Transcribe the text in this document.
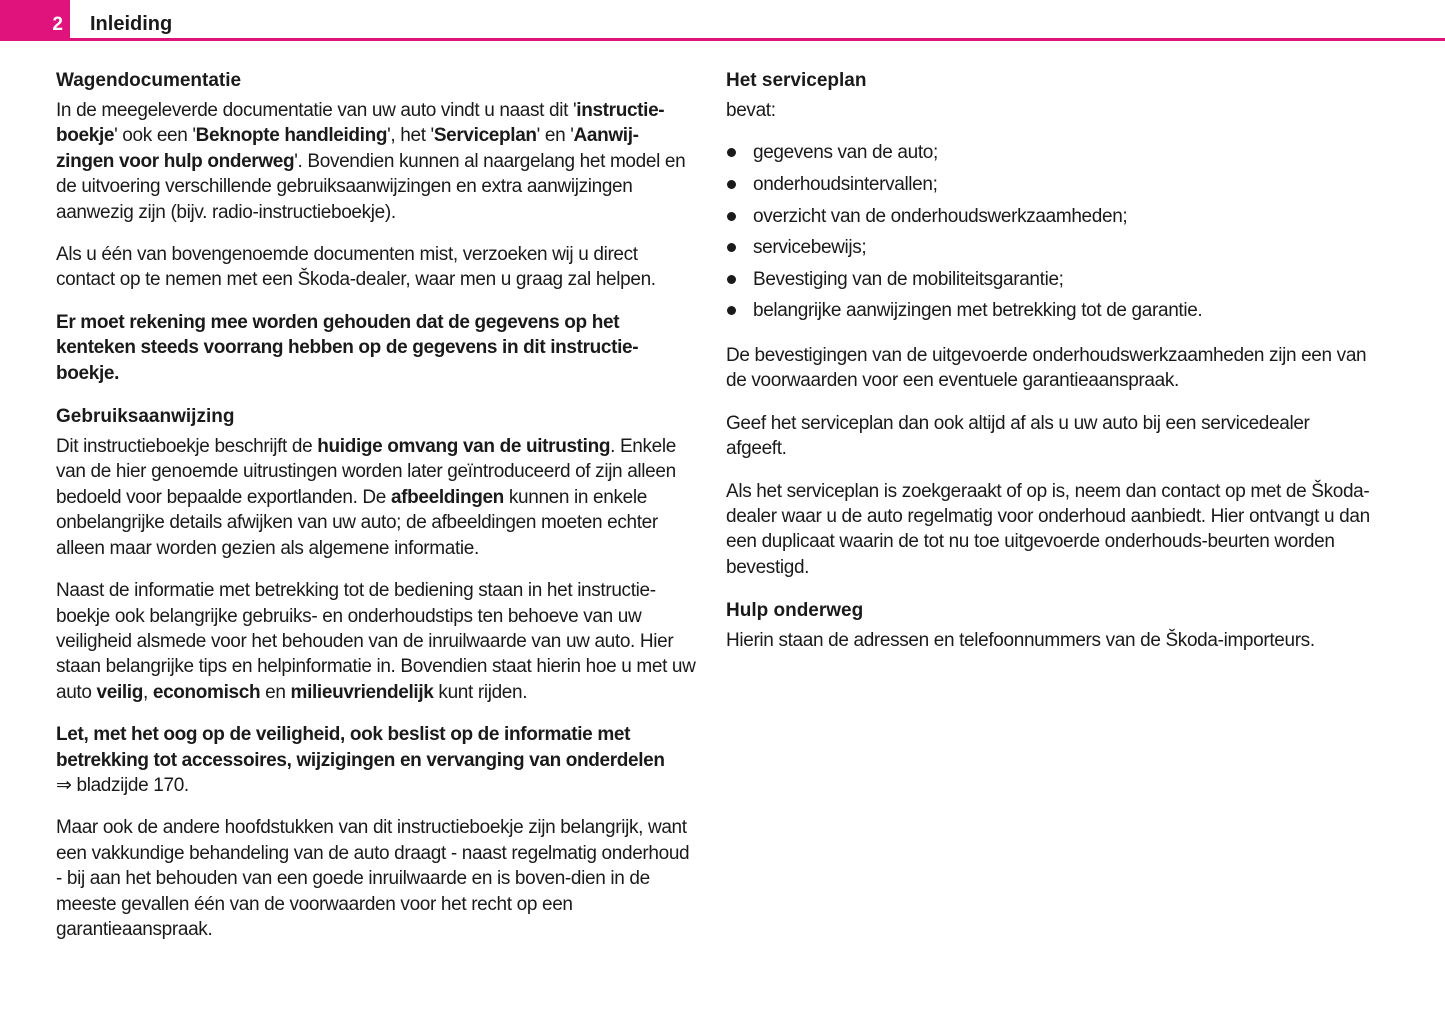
2 Inleiding
Wagendocumentatie

In de meegeleverde documentatie van uw auto vindt u naast dit 'instructie-boekje' ook een 'Beknopte handleiding', het 'Serviceplan' en 'Aanwij-zingen voor hulp onderweg'. Bovendien kunnen al naargelang het model en de uitvoering verschillende gebruiksaanwijzingen en extra aanwijzingen aanwezig zijn (bijv. radio-instructieboekje).

Als u één van bovengenoemde documenten mist, verzoeken wij u direct contact op te nemen met een Škoda-dealer, waar men u graag zal helpen.

Er moet rekening mee worden gehouden dat de gegevens op het kenteken steeds voorrang hebben op de gegevens in dit instructie-boekje.

Gebruiksaanwijzing

Dit instructieboekje beschrijft de huidige omvang van de uitrusting. Enkele van de hier genoemde uitrustingen worden later geïntroduceerd of zijn alleen bedoeld voor bepaalde exportlanden. De afbeeldingen kunnen in enkele onbelangrijke details afwijken van uw auto; de afbeeldingen moeten echter alleen maar worden gezien als algemene informatie.

Naast de informatie met betrekking tot de bediening staan in het instructie-boekje ook belangrijke gebruiks- en onderhoudstips ten behoeve van uw veiligheid alsmede voor het behouden van de inruilwaarde van uw auto. Hier staan belangrijke tips en helpinformatie in. Bovendien staat hierin hoe u met uw auto veilig, economisch en milieuvriendelijk kunt rijden.

Let, met het oog op de veiligheid, ook beslist op de informatie met betrekking tot accessoires, wijzigingen en vervanging van onderdelen
⇒ bladzijde 170.

Maar ook de andere hoofdstukken van dit instructieboekje zijn belangrijk, want een vakkundige behandeling van de auto draagt - naast regelmatig onderhoud - bij aan het behouden van een goede inruilwaarde en is boven-dien in de meeste gevallen één van de voorwaarden voor het recht op een garantieaanspraak.

Het serviceplan

bevat:

gegevens van de auto;
onderhoudsintervallen;
overzicht van de onderhoudswerkzaamheden;
servicebewijs;
Bevestiging van de mobiliteitsgarantie;
belangrijke aanwijzingen met betrekking tot de garantie.

De bevestigingen van de uitgevoerde onderhoudswerkzaamheden zijn een van de voorwaarden voor een eventuele garantieaanspraak.

Geef het serviceplan dan ook altijd af als u uw auto bij een servicedealer afgeeft.

Als het serviceplan is zoekgeraakt of op is, neem dan contact op met de Škoda-dealer waar u de auto regelmatig voor onderhoud aanbiedt. Hier ontvangt u dan een duplicaat waarin de tot nu toe uitgevoerde onderhouds-beurten worden bevestigd.

Hulp onderweg

Hierin staan de adressen en telefoonnummers van de Škoda-importeurs.
